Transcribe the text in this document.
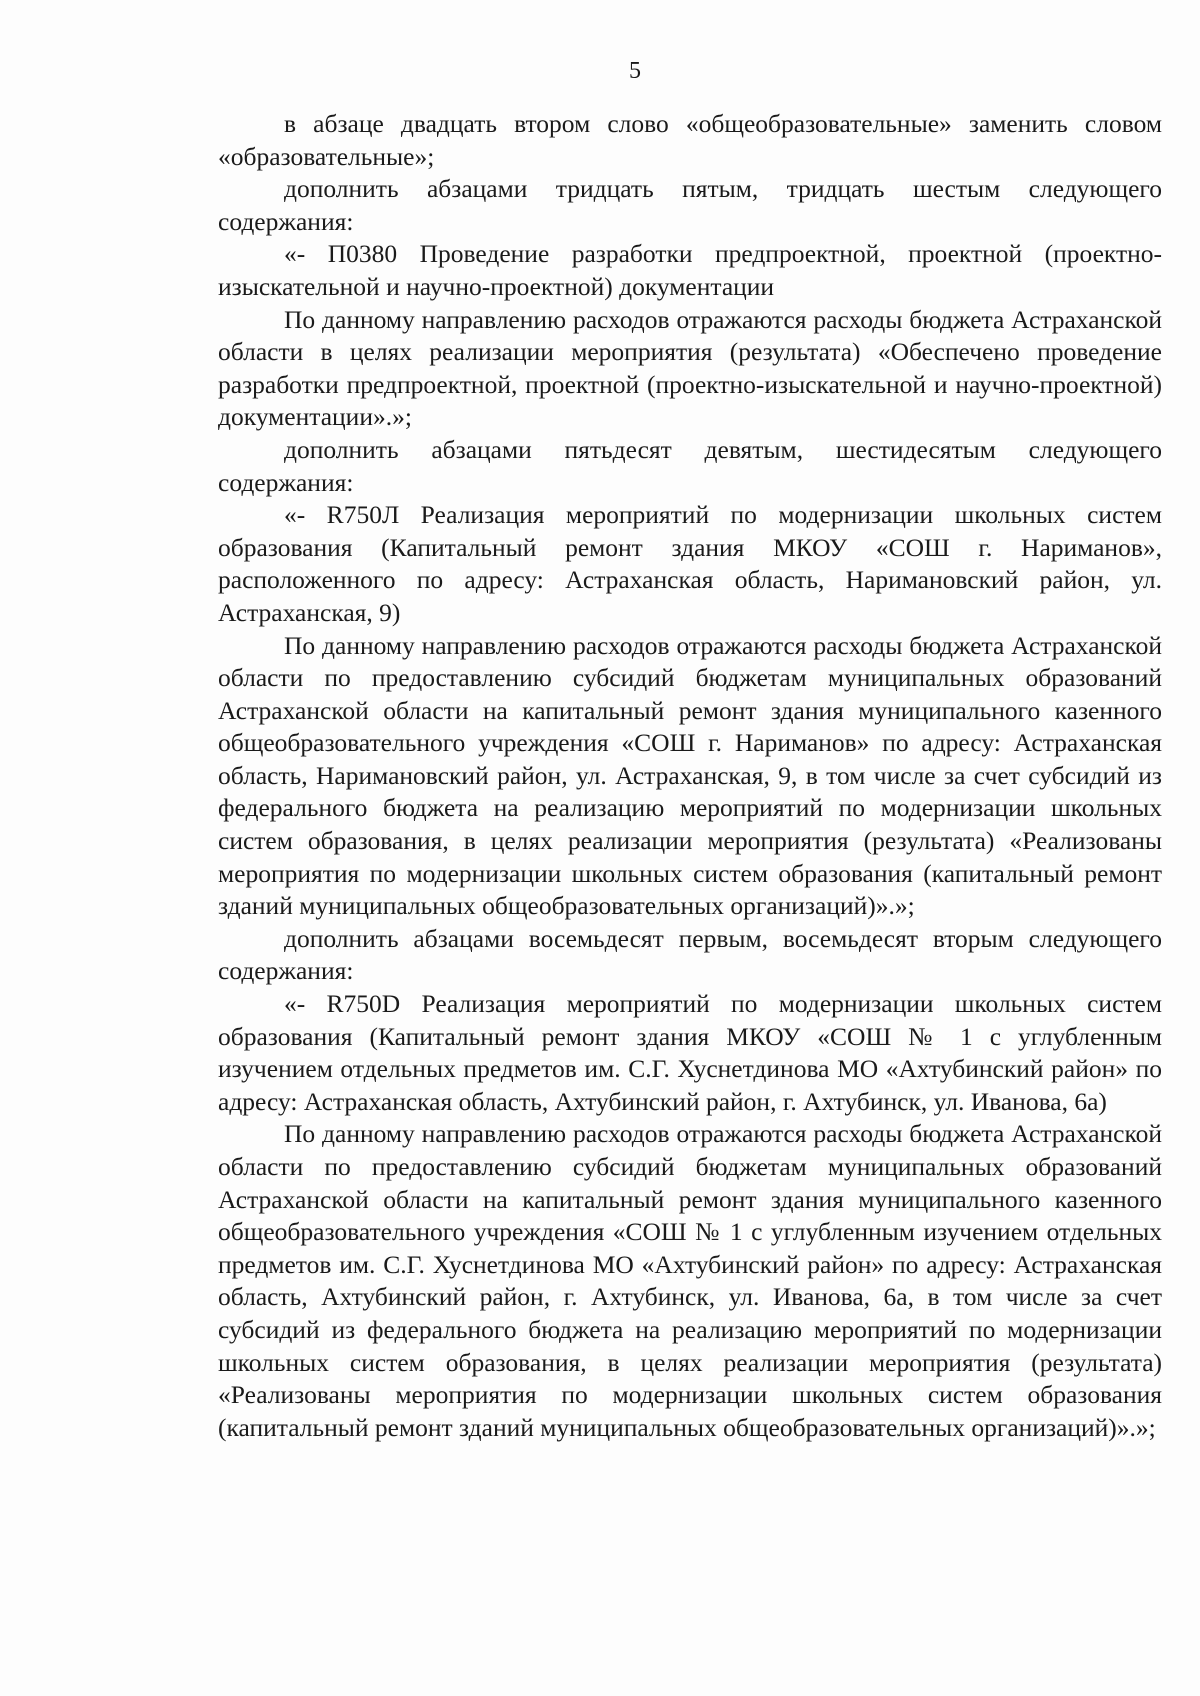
5

в абзаце двадцать втором слово «общеобразовательные» заменить словом «образовательные»;

дополнить абзацами тридцать пятым, тридцать шестым следующего содержания:

«- П0380 Проведение разработки предпроектной, проектной (проектно-изыскательной и научно-проектной) документации

По данному направлению расходов отражаются расходы бюджета Астраханской области в целях реализации мероприятия (результата) «Обеспечено проведение разработки предпроектной, проектной (проектно-изыскательной и научно-проектной) документации».»;

дополнить абзацами пятьдесят девятым, шестидесятым следующего содержания:

«- R750Л Реализация мероприятий по модернизации школьных систем образования (Капитальный ремонт здания МКОУ «СОШ г. Нариманов», расположенного по адресу: Астраханская область, Наримановский район, ул. Астраханская, 9)

По данному направлению расходов отражаются расходы бюджета Астраханской области по предоставлению субсидий бюджетам муниципальных образований Астраханской области на капитальный ремонт здания муниципального казенного общеобразовательного учреждения «СОШ г. Нариманов» по адресу: Астраханская область, Наримановский район, ул. Астраханская, 9, в том числе за счет субсидий из федерального бюджета на реализацию мероприятий по модернизации школьных систем образования, в целях реализации мероприятия (результата) «Реализованы мероприятия по модернизации школьных систем образования (капитальный ремонт зданий муниципальных общеобразовательных организаций)».»;

дополнить абзацами восемьдесят первым, восемьдесят вторым следующего содержания:

«- R750D Реализация мероприятий по модернизации школьных систем образования (Капитальный ремонт здания МКОУ «СОШ № 1 с углубленным изучением отдельных предметов им. С.Г. Хуснетдинова МО «Ахтубинский район» по адресу: Астраханская область, Ахтубинский район, г. Ахтубинск, ул. Иванова, 6а)

По данному направлению расходов отражаются расходы бюджета Астраханской области по предоставлению субсидий бюджетам муниципальных образований Астраханской области на капитальный ремонт здания муниципального казенного общеобразовательного учреждения «СОШ № 1 с углубленным изучением отдельных предметов им. С.Г. Хуснетдинова МО «Ахтубинский район» по адресу: Астраханская область, Ахтубинский район, г. Ахтубинск, ул. Иванова, 6а, в том числе за счет субсидий из федерального бюджета на реализацию мероприятий по модернизации школьных систем образования, в целях реализации мероприятия (результата) «Реализованы мероприятия по модернизации школьных систем образования (капитальный ремонт зданий муниципальных общеобразовательных организаций)».»;
